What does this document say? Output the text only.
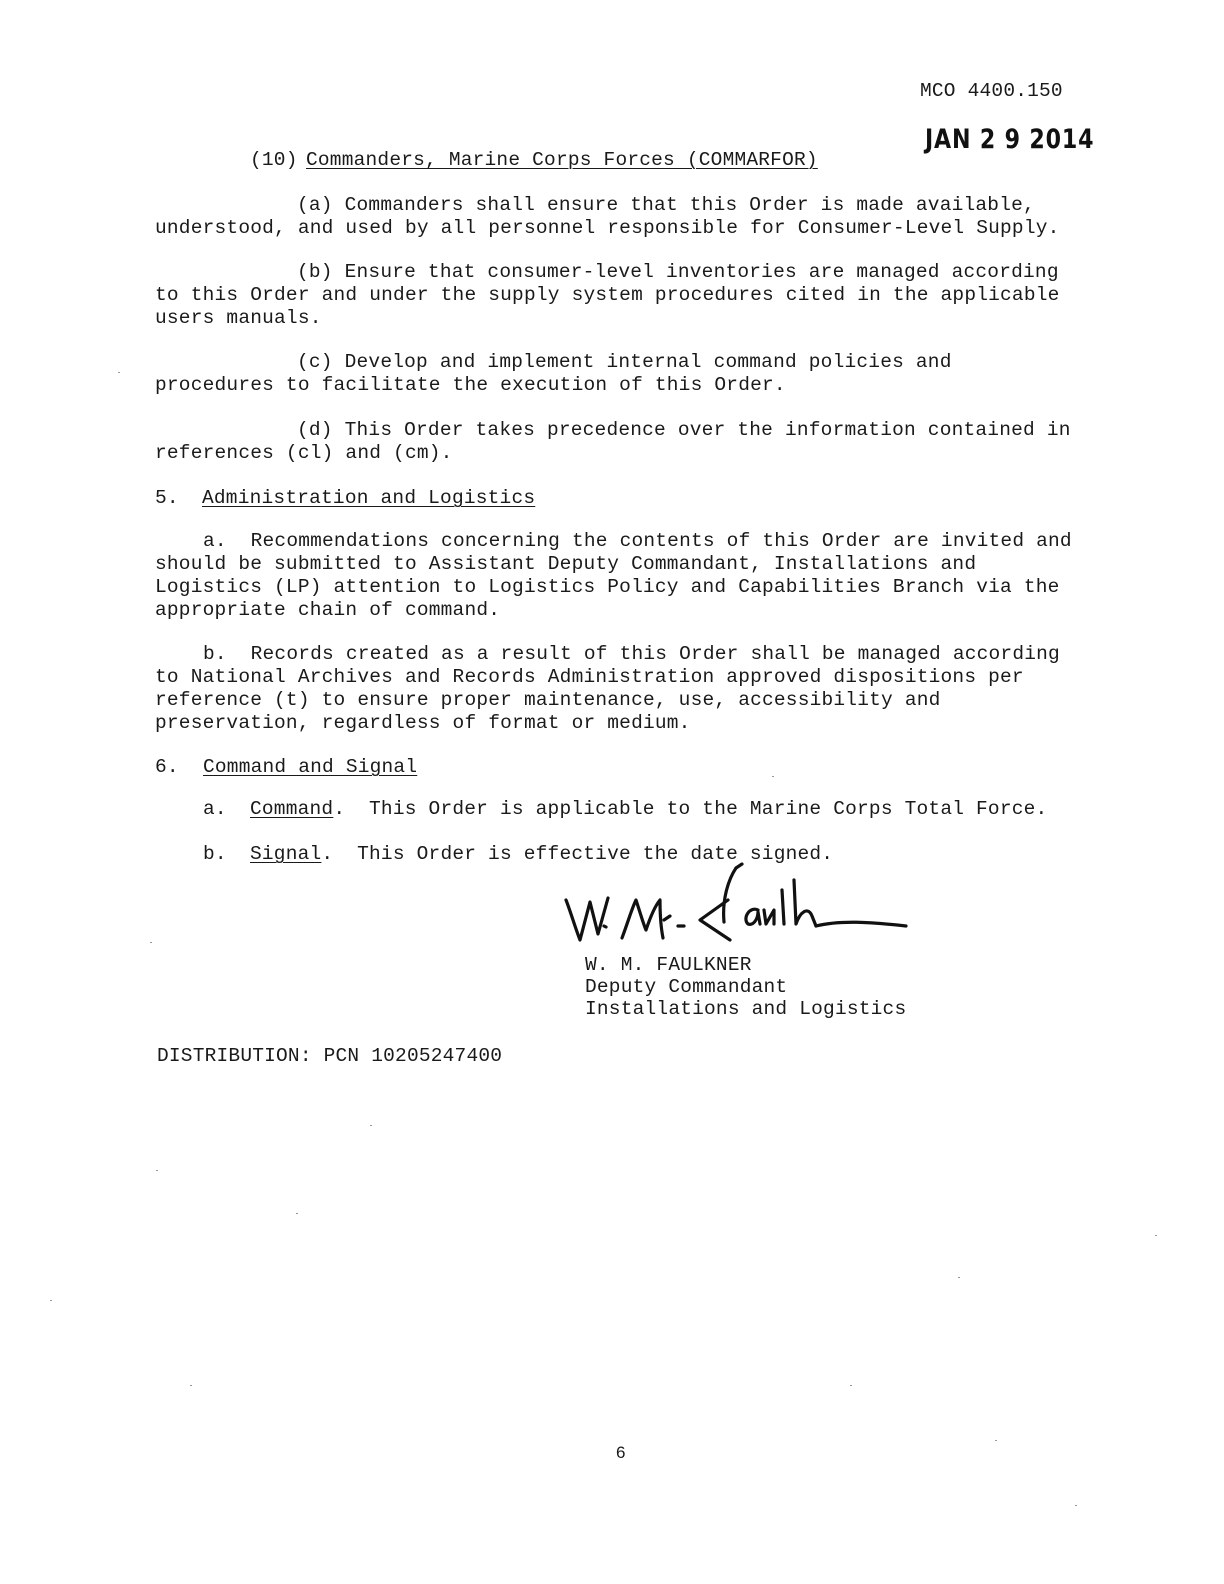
MCO 4400.150
JAN 2 9 2014
(10) Commanders, Marine Corps Forces (COMMARFOR)
(a) Commanders shall ensure that this Order is made available,
understood, and used by all personnel responsible for Consumer-Level Supply.
(b) Ensure that consumer-level inventories are managed according
to this Order and under the supply system procedures cited in the applicable
users manuals.
(c) Develop and implement internal command policies and
procedures to facilitate the execution of this Order.
(d) This Order takes precedence over the information contained in
references (cl) and (cm).
5. Administration and Logistics
a.  Recommendations concerning the contents of this Order are invited and
should be submitted to Assistant Deputy Commandant, Installations and
Logistics (LP) attention to Logistics Policy and Capabilities Branch via the
appropriate chain of command.
b.  Records created as a result of this Order shall be managed according
to National Archives and Records Administration approved dispositions per
reference (t) to ensure proper maintenance, use, accessibility and
preservation, regardless of format or medium.
6. Command and Signal
a. Command.  This Order is applicable to the Marine Corps Total Force.
b. Signal.  This Order is effective the date signed.
W. M. FAULKNER
Deputy Commandant
Installations and Logistics
DISTRIBUTION: PCN 10205247400
6
